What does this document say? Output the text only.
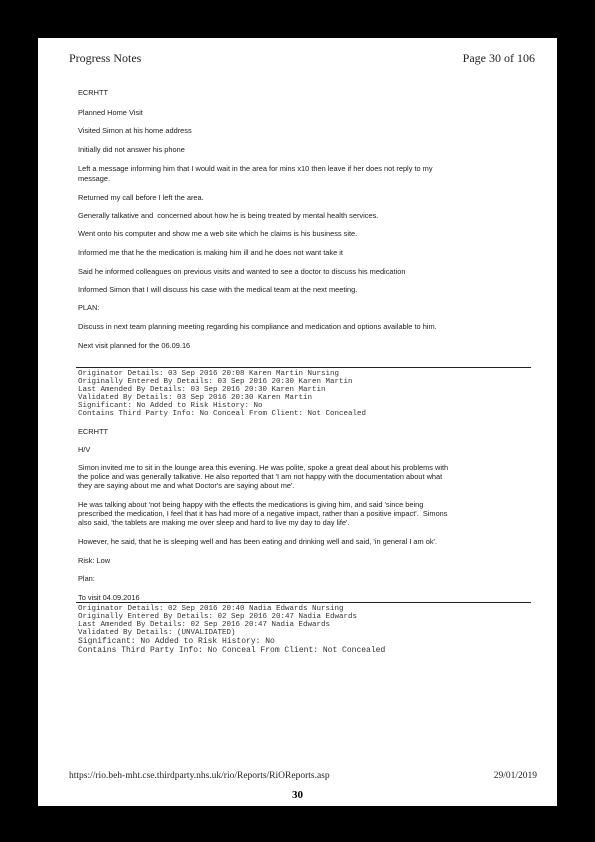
Progress Notes	Page 30 of 106
ECRHTT
Planned Home Visit
Visited Simon at his home address
Initially did not answer his phone
Left a message informing him that I would wait in the area for mins x10 then leave if her does not reply to my
message.
Returned my call before I left the area.
Generally talkative and  concerned about how he is being treated by mental health services.
Went onto his computer and show me a web site which he claims is his business site.
Informed me that he the medication is making him ill and he does not want take it
Said he informed colleagues on previous visits and wanted to see a doctor to discuss his medication
Informed Simon that I will discuss his case with the medical team at the next meeting.
PLAN:
Discuss in next team planning meeting regarding his compliance and medication and options available to him.
Next visit planned for the 06.09.16
Originator Details: 03 Sep 2016 20:08 Karen Martin Nursing
Originally Entered By Details: 03 Sep 2016 20:30 Karen Martin
Last Amended By Details: 03 Sep 2016 20:30 Karen Martin
Validated By Details: 03 Sep 2016 20:30 Karen Martin
Significant: No Added to Risk History: No
Contains Third Party Info: No Conceal From Client: Not Concealed
ECRHTT
H/V
Simon invited me to sit in the lounge area this evening. He was polite, spoke a great deal about his problems with
the police and was generally talkative. He also reported that 'I am not happy with the documentation about what
they are saying about me and what Doctor's are saying about me'.
He was talking about 'not being happy with the effects the medications is giving him, and said 'since being
prescribed the medication, I feel that it has had more of a negative impact, rather than a positive impact'.  Simons
also said, 'the tablets are making me over sleep and hard to live my day to day life'.
However, he said, that he is sleeping well and has been eating and drinking well and said, 'in general I am ok'.
Risk: Low
Plan:
To visit 04.09.2016
Originator Details: 02 Sep 2016 20:40 Nadia Edwards Nursing
Originally Entered By Details: 02 Sep 2016 20:47 Nadia Edwards
Last Amended By Details: 02 Sep 2016 20:47 Nadia Edwards
Validated By Details: (UNVALIDATED)
Significant: No Added to Risk History: No
Contains Third Party Info: No Conceal From Client: Not Concealed
https://rio.beh-mht.cse.thirdparty.nhs.uk/rio/Reports/RiOReports.asp	29/01/2019
30
